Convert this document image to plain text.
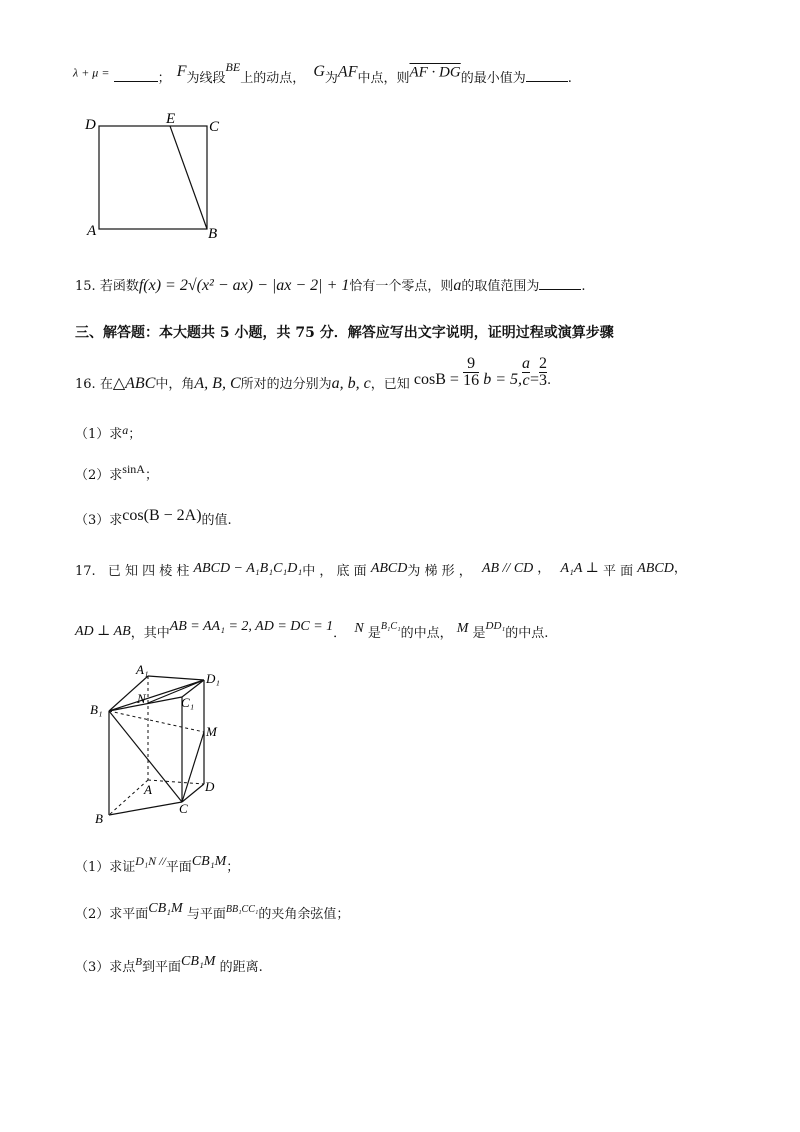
λ + μ =	； F为线段$^{BE}$上的动点， G为AF中点，则AF · DG的最小值为	.
D	E C
A	B
15. 若函数f(x) = 2√(x² − ax) − |ax − 2| + 1恰有一个零点，则a的取值范围为	.
三、解答题：本大题共 5 小题，共 75 分．解答应写出文字说明，证明过程或演算步骤
16. 在△ABC中，角A, B, C所对的边分别为a, b, c，已知 $\cos B = \frac{9}{16}$ b = 5, $\frac{a}{c} = \frac{2}{3}$ .
（1）求a；
（2）求sinA；
（3）求cos(B − 2A)的值.
17. 已 知 四 棱 柱 ABCD − A₁B₁C₁D₁中 ， 底 面 ABCD为 梯 形 ， AB // CD ， A₁A ⊥ 平 面 ABCD，
AD ⊥ AB，其中AB = AA₁ = 2, AD = DC = 1． N 是$^{B_1C_1}$的中点， M 是$^{DD_1}$的中点.
A₁
D₁
N	C₁
B₁
M
A	D
C
B
（1）求证D₁N //平面CB₁M；
（2）求平面CB₁M 与平面BB₁CC₁的夹角余弦值；
（3）求点B到平面CB₁M 的距离.
